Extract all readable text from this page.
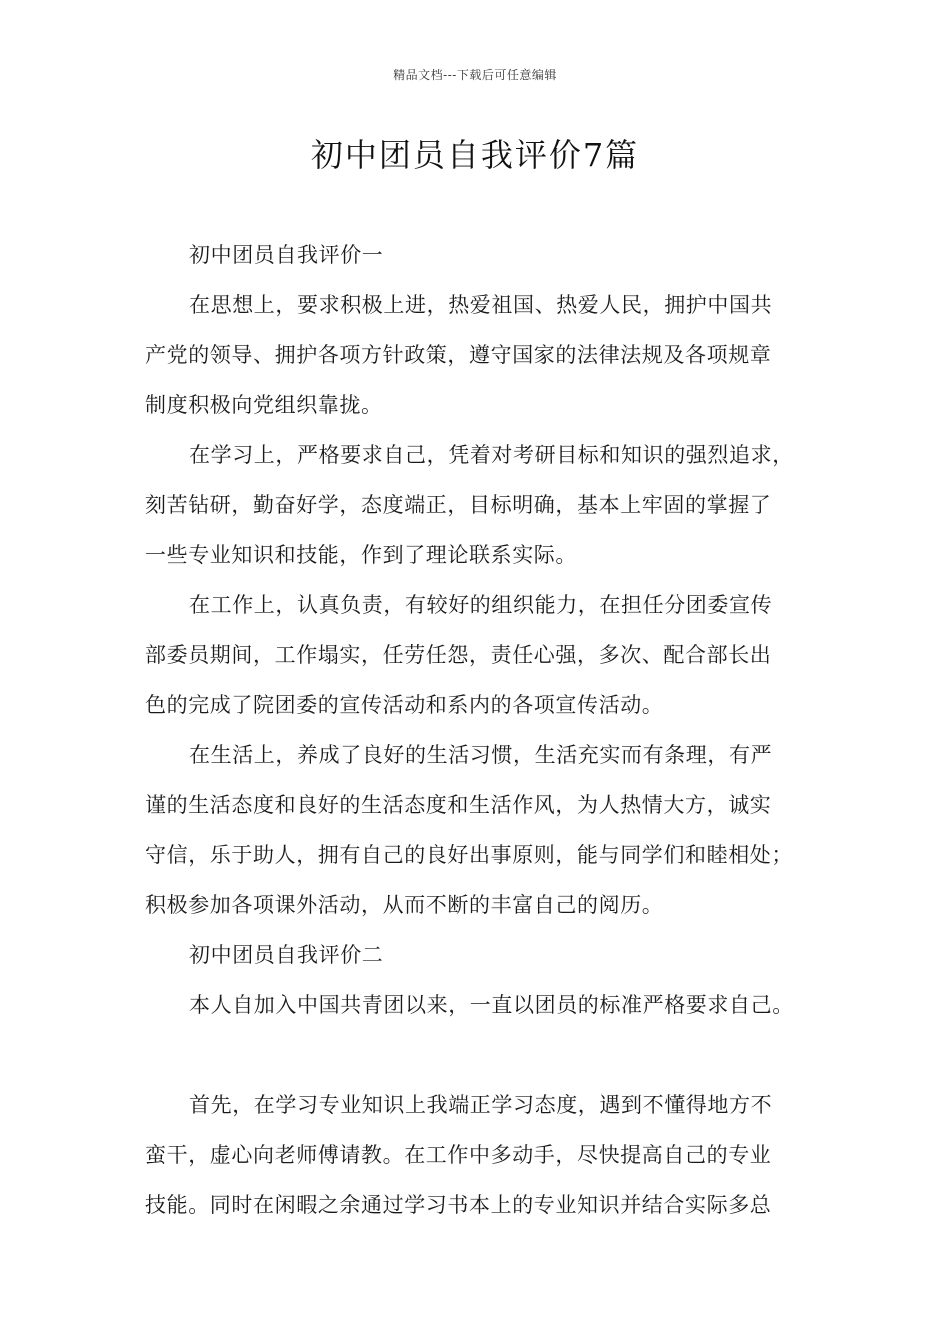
精品文档---下载后可任意编辑
初中团员自我评价7篇
初中团员自我评价一
在思想上，要求积极上进，热爱祖国、热爱人民，拥护中国共
产党的领导、拥护各项方针政策，遵守国家的法律法规及各项规章
制度积极向党组织靠拢。
在学习上，严格要求自己，凭着对考研目标和知识的强烈追求，
刻苦钻研，勤奋好学，态度端正，目标明确，基本上牢固的掌握了
一些专业知识和技能，作到了理论联系实际。
在工作上，认真负责，有较好的组织能力，在担任分团委宣传
部委员期间，工作塌实，任劳任怨，责任心强，多次、配合部长出
色的完成了院团委的宣传活动和系内的各项宣传活动。
在生活上，养成了良好的生活习惯，生活充实而有条理，有严
谨的生活态度和良好的生活态度和生活作风，为人热情大方，诚实
守信，乐于助人，拥有自己的良好出事原则，能与同学们和睦相处；
积极参加各项课外活动，从而不断的丰富自己的阅历。
初中团员自我评价二
本人自加入中国共青团以来，一直以团员的标准严格要求自己。
首先，在学习专业知识上我端正学习态度，遇到不懂得地方不
蛮干，虚心向老师傅请教。在工作中多动手，尽快提高自己的专业
技能。同时在闲暇之余通过学习书本上的专业知识并结合实际多总
